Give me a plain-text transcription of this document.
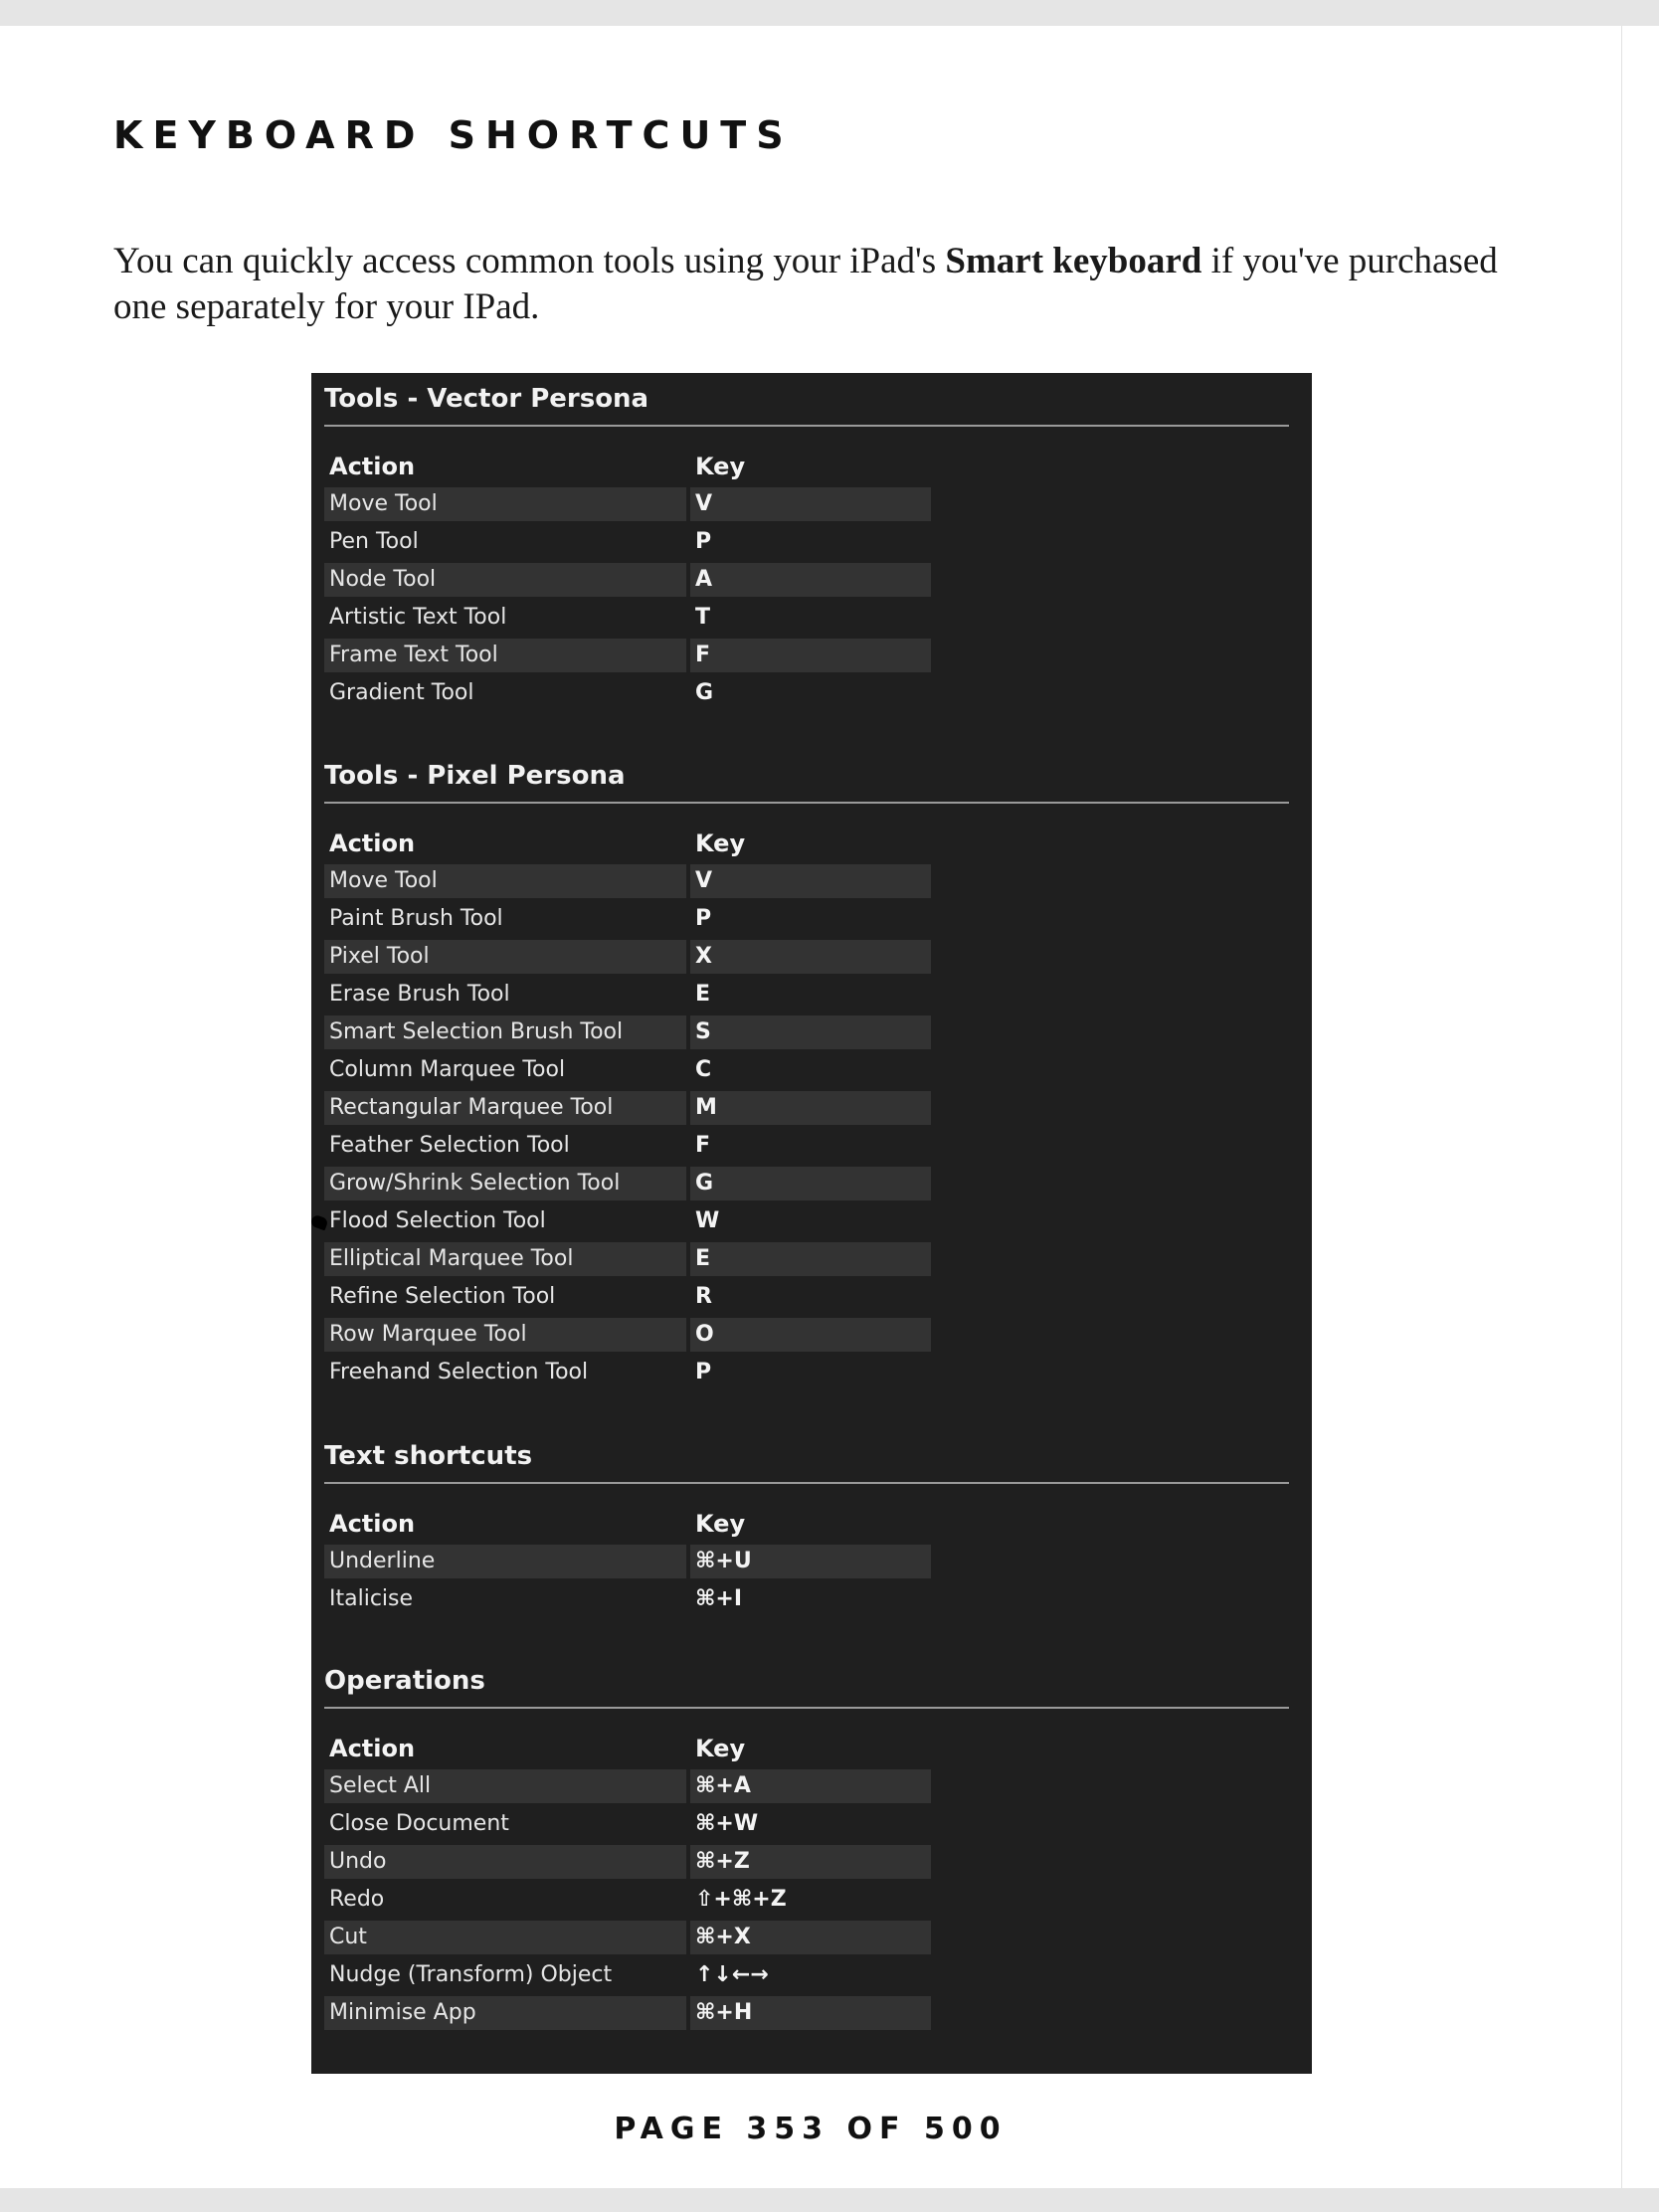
KEYBOARD SHORTCUTS

You can quickly access common tools using your iPad's Smart keyboard if you've purchased one separately for your IPad.

Tools - Vector Persona
Action	Key
Move Tool	V
Pen Tool	P
Node Tool	A
Artistic Text Tool	T
Frame Text Tool	F
Gradient Tool	G
Tools - Pixel Persona
Action	Key
Move Tool	V
Paint Brush Tool	P
Pixel Tool	X
Erase Brush Tool	E
Smart Selection Brush Tool	S
Column Marquee Tool	C
Rectangular Marquee Tool	M
Feather Selection Tool	F
Grow/Shrink Selection Tool	G
Flood Selection Tool	W
Elliptical Marquee Tool	E
Refine Selection Tool	R
Row Marquee Tool	O
Freehand Selection Tool	P
Text shortcuts
Action	Key
Underline	⌘+U
Italicise	⌘+I
Operations
Action	Key
Select All	⌘+A
Close Document	⌘+W
Undo	⌘+Z
Redo	⇧+⌘+Z
Cut	⌘+X
Nudge (Transform) Object	↑↓←→
Minimise App	⌘+H

PAGE 353 OF 500
